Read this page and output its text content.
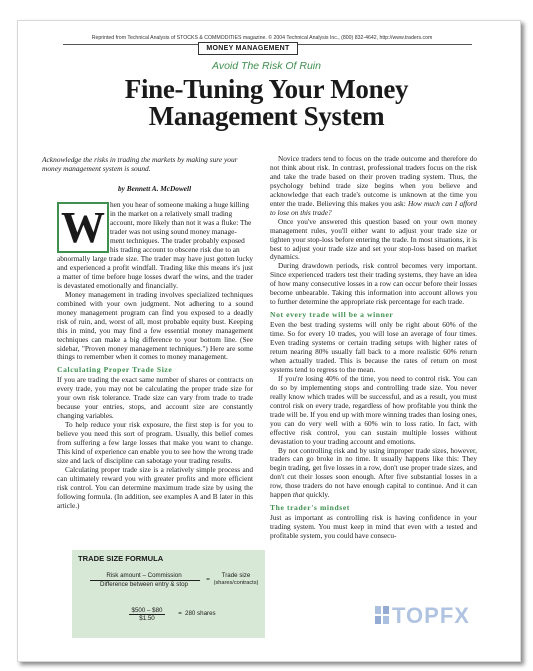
Reprinted from Technical Analysis of STOCKS & COMMODITIES magazine. © 2004 Technical Analysis Inc., (800) 832-4642, http://www.traders.com
MONEY MANAGEMENT
Avoid The Risk Of Ruin
Fine-Tuning Your Money
Management System
Acknowledge the risks in trading the markets by making sure your money management system is sound.
by Bennett A. McDowell
W hen you hear of someone making a huge killing
in the market on a relatively small trading
account, more likely than not it was a fluke: The
trader was not using sound money manage-
ment techniques. The trader probably exposed
his trading account to obscene risk due to an

abnormally large trade size. The trader may have just gotten lucky and experienced a profit windfall. Trading like this means it's just a matter of time before huge losses dwarf the wins, and the trader is devastated emotionally and financially.

Money management in trading involves specialized techniques combined with your own judgment. Not adhering to a sound money management program can find you exposed to a deadly risk of ruin, and, worst of all, most probable equity bust. Keeping this in mind, you may find a few essential money management techniques can make a big difference to your bottom line. (See sidebar, "Proven money management techniques.") Here are some things to remember when it comes to money management.

Calculating Proper Trade Size

If you are trading the exact same number of shares or contracts on every trade, you may not be calculating the proper trade size for your own risk tolerance. Trade size can vary from trade to trade because your entries, stops, and account size are constantly changing variables.

To help reduce your risk exposure, the first step is for you to believe you need this sort of program. Usually, this belief comes from suffering a few large losses that make you want to change. This kind of experience can enable you to see how the wrong trade size and lack of discipline can sabotage your trading results.

Calculating proper trade size is a relatively simple process and can ultimately reward you with greater profits and more efficient risk control. You can determine maximum trade size by using the following formula. (In addition, see examples A and B later in this article.)

TRADE SIZE FORMULA
Risk amount – Commission
Difference between entry & stop
=
Trade size
(shares/contracts)
$500 – $80
$1.50
= 280 shares

Novice traders tend to focus on the trade outcome and therefore do not think about risk. In contrast, professional traders focus on the risk and take the trade based on their proven trading system. Thus, the psychology behind trade size begins when you believe and acknowledge that each trade's outcome is unknown at the time you enter the trade. Believing this makes you ask: How much can I afford to lose on this trade?

Once you've answered this question based on your own money management rules, you'll either want to adjust your trade size or tighten your stop-loss before entering the trade. In most situations, it is best to adjust your trade size and set your stop-loss based on market dynamics.

During drawdown periods, risk control becomes very important. Since experienced traders test their trading systems, they have an idea of how many consecutive losses in a row can occur before their losses become unbearable. Taking this information into account allows you to further determine the appropriate risk percentage for each trade.

Not every trade will be a winner

Even the best trading systems will only be right about 60% of the time. So for every 10 trades, you will lose an average of four times. Even trading systems or certain trading setups with higher rates of return nearing 80% usually fall back to a more realistic 60% return when actually traded. This is because the rates of return on most systems tend to regress to the mean.

If you're losing 40% of the time, you need to control risk. You can do so by implementing stops and controlling trade size. You never really know which trades will be successful, and as a result, you must control risk on every trade, regardless of how profitable you think the trade will be. If you end up with more winning trades than losing ones, you can do very well with a 60% win to loss ratio. In fact, with effective risk control, you can sustain multiple losses without devastation to your trading account and emotions.

By not controlling risk and by using improper trade sizes, however, traders can go broke in no time. It usually happens like this: They begin trading, get five losses in a row, don't use proper trade sizes, and don't cut their losses soon enough. After five substantial losses in a row, those traders do not have enough capital to continue. And it can happen that quickly.

The trader's mindset

Just as important as controlling risk is having confidence in your trading system. You must keep in mind that even with a tested and profitable system, you could have consecu-

TOPFX
